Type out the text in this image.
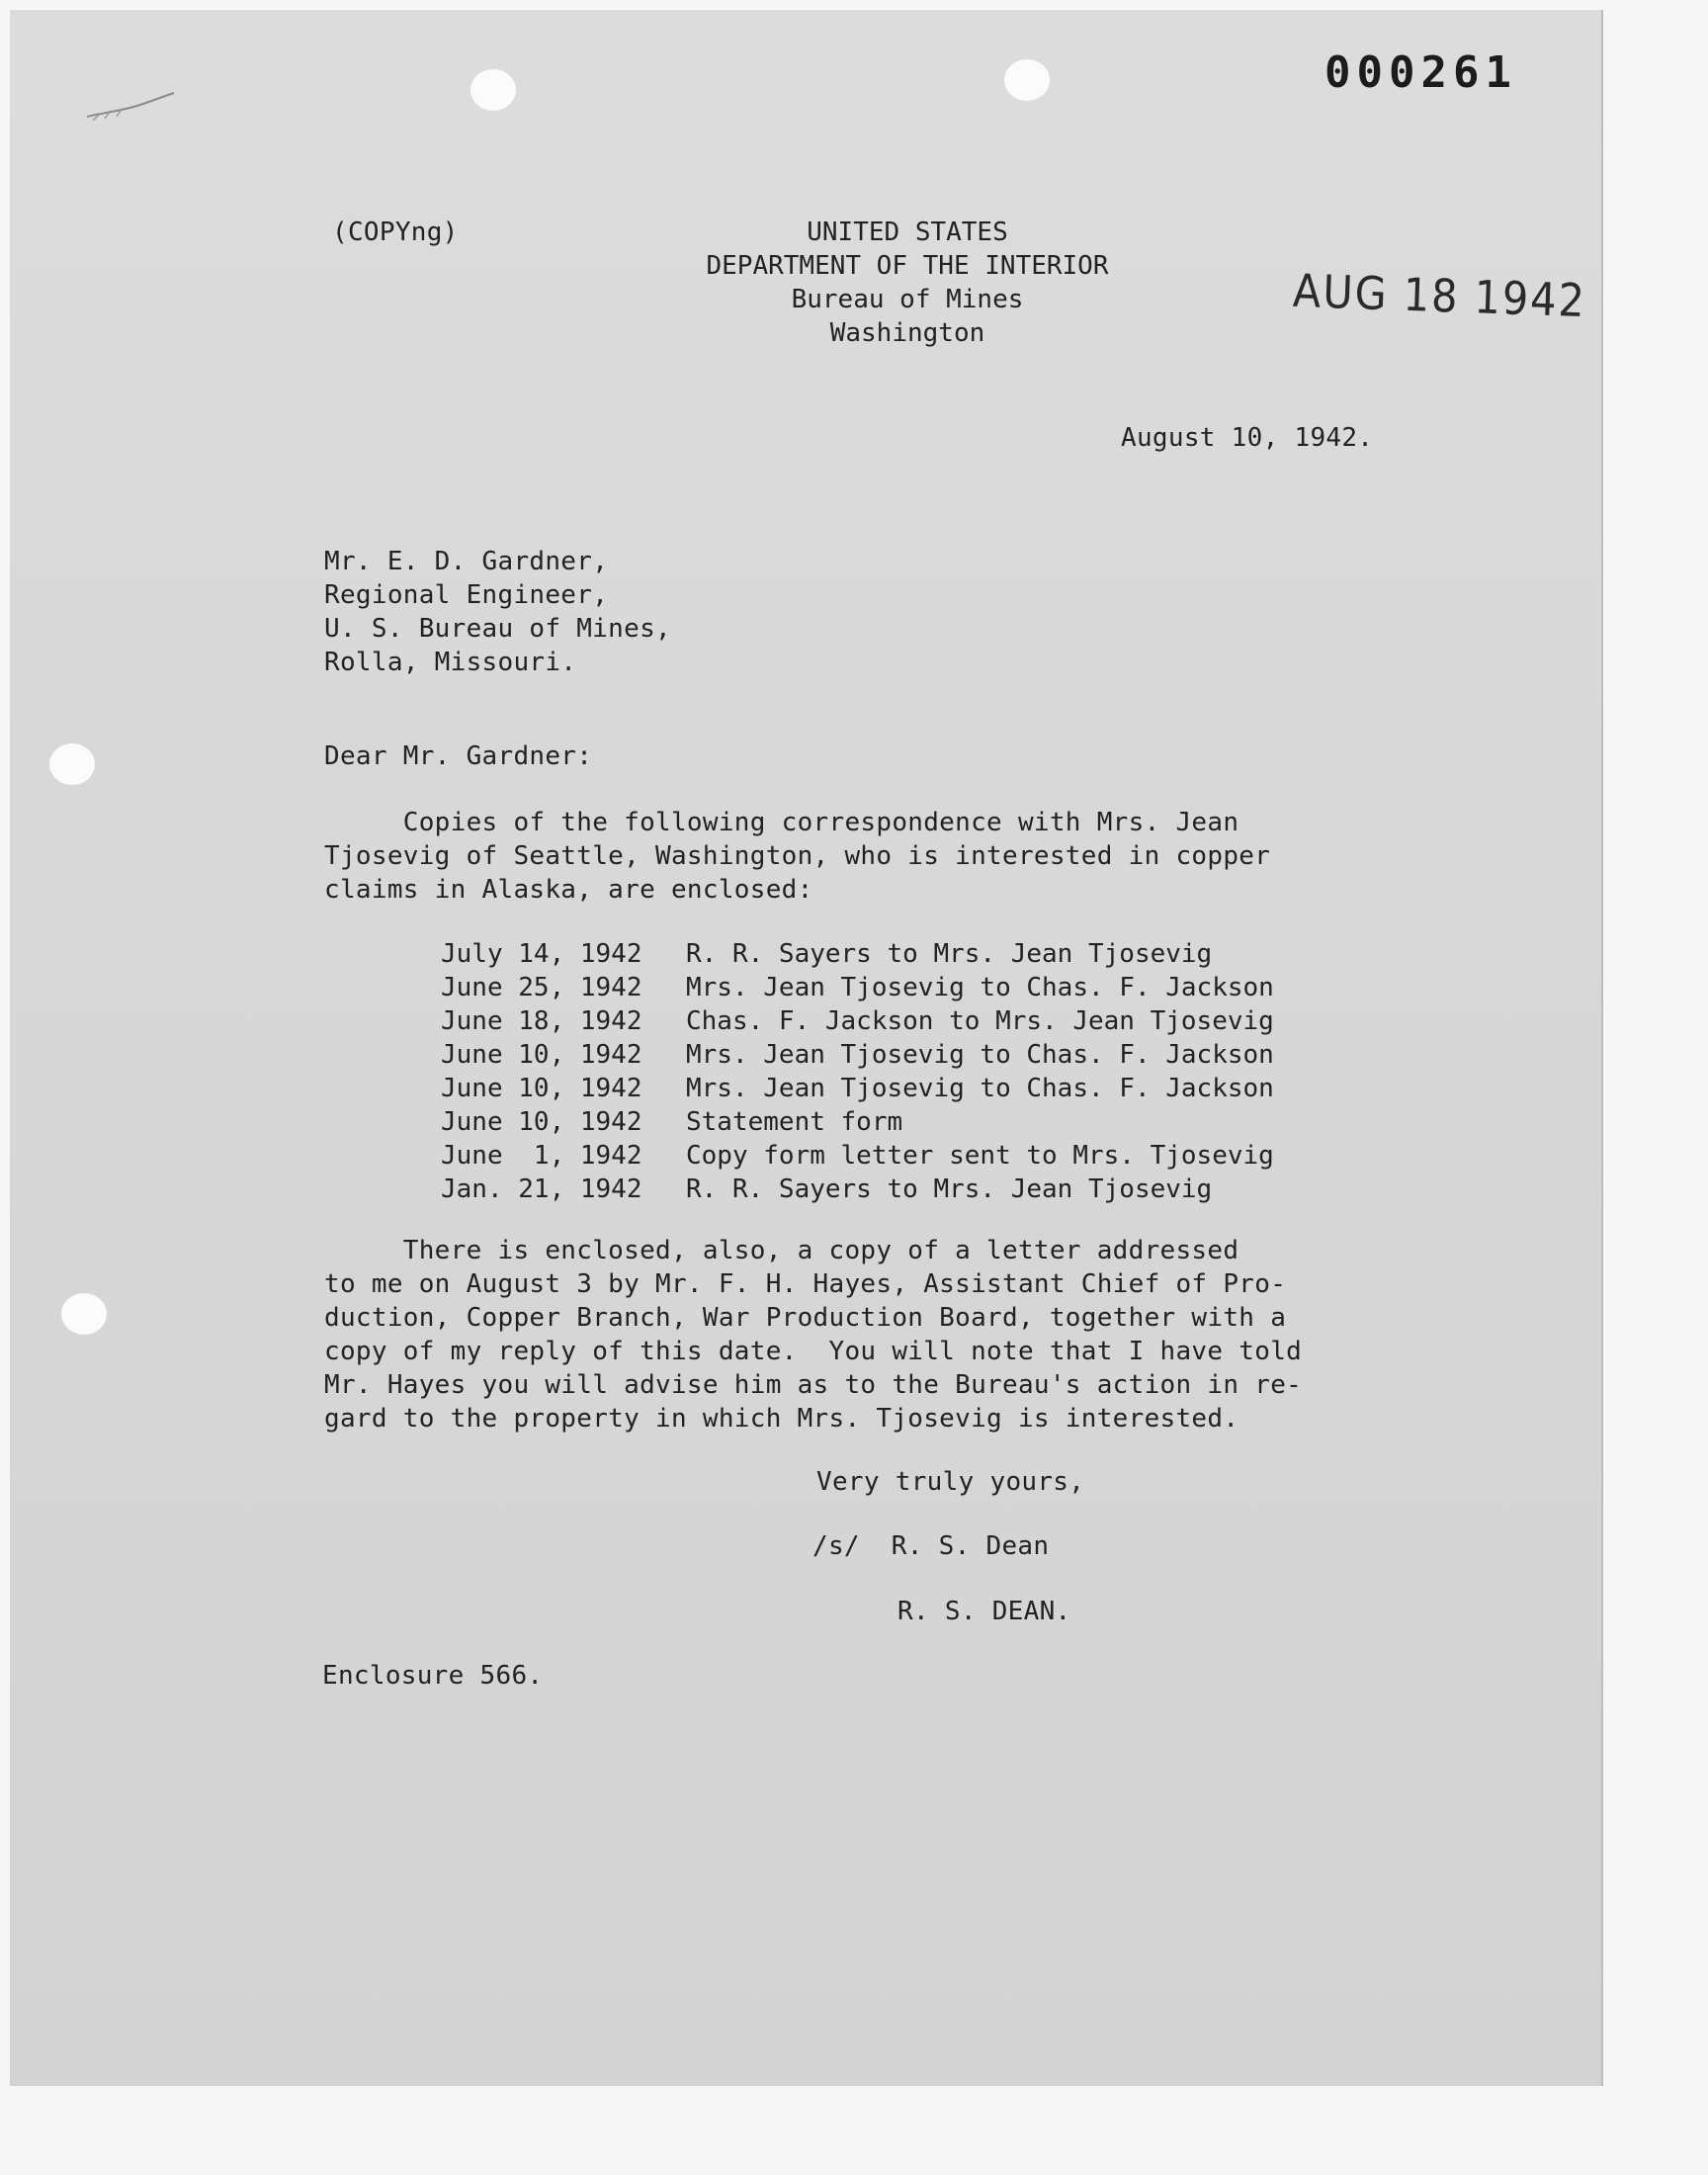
000261
AUG 18 1942
(COPYng)	UNITED STATES
DEPARTMENT OF THE INTERIOR
Bureau of Mines
Washington
August 10, 1942.
Mr. E. D. Gardner,
Regional Engineer,
U. S. Bureau of Mines,
Rolla, Missouri.
Dear Mr. Gardner:
Copies of the following correspondence with Mrs. Jean
Tjosevig of Seattle, Washington, who is interested in copper
claims in Alaska, are enclosed:
July 14, 1942	R. R. Sayers to Mrs. Jean Tjosevig
June 25, 1942	Mrs. Jean Tjosevig to Chas. F. Jackson
June 18, 1942	Chas. F. Jackson to Mrs. Jean Tjosevig
June 10, 1942	Mrs. Jean Tjosevig to Chas. F. Jackson
June 10, 1942	Mrs. Jean Tjosevig to Chas. F. Jackson
June 10, 1942	Statement form
June  1, 1942	Copy form letter sent to Mrs. Tjosevig
Jan. 21, 1942	R. R. Sayers to Mrs. Jean Tjosevig
There is enclosed, also, a copy of a letter addressed
to me on August 3 by Mr. F. H. Hayes, Assistant Chief of Pro-
duction, Copper Branch, War Production Board, together with a
copy of my reply of this date.  You will note that I have told
Mr. Hayes you will advise him as to the Bureau's action in re-
gard to the property in which Mrs. Tjosevig is interested.
Very truly yours,
/s/  R. S. Dean
R. S. DEAN.
Enclosure 566.
